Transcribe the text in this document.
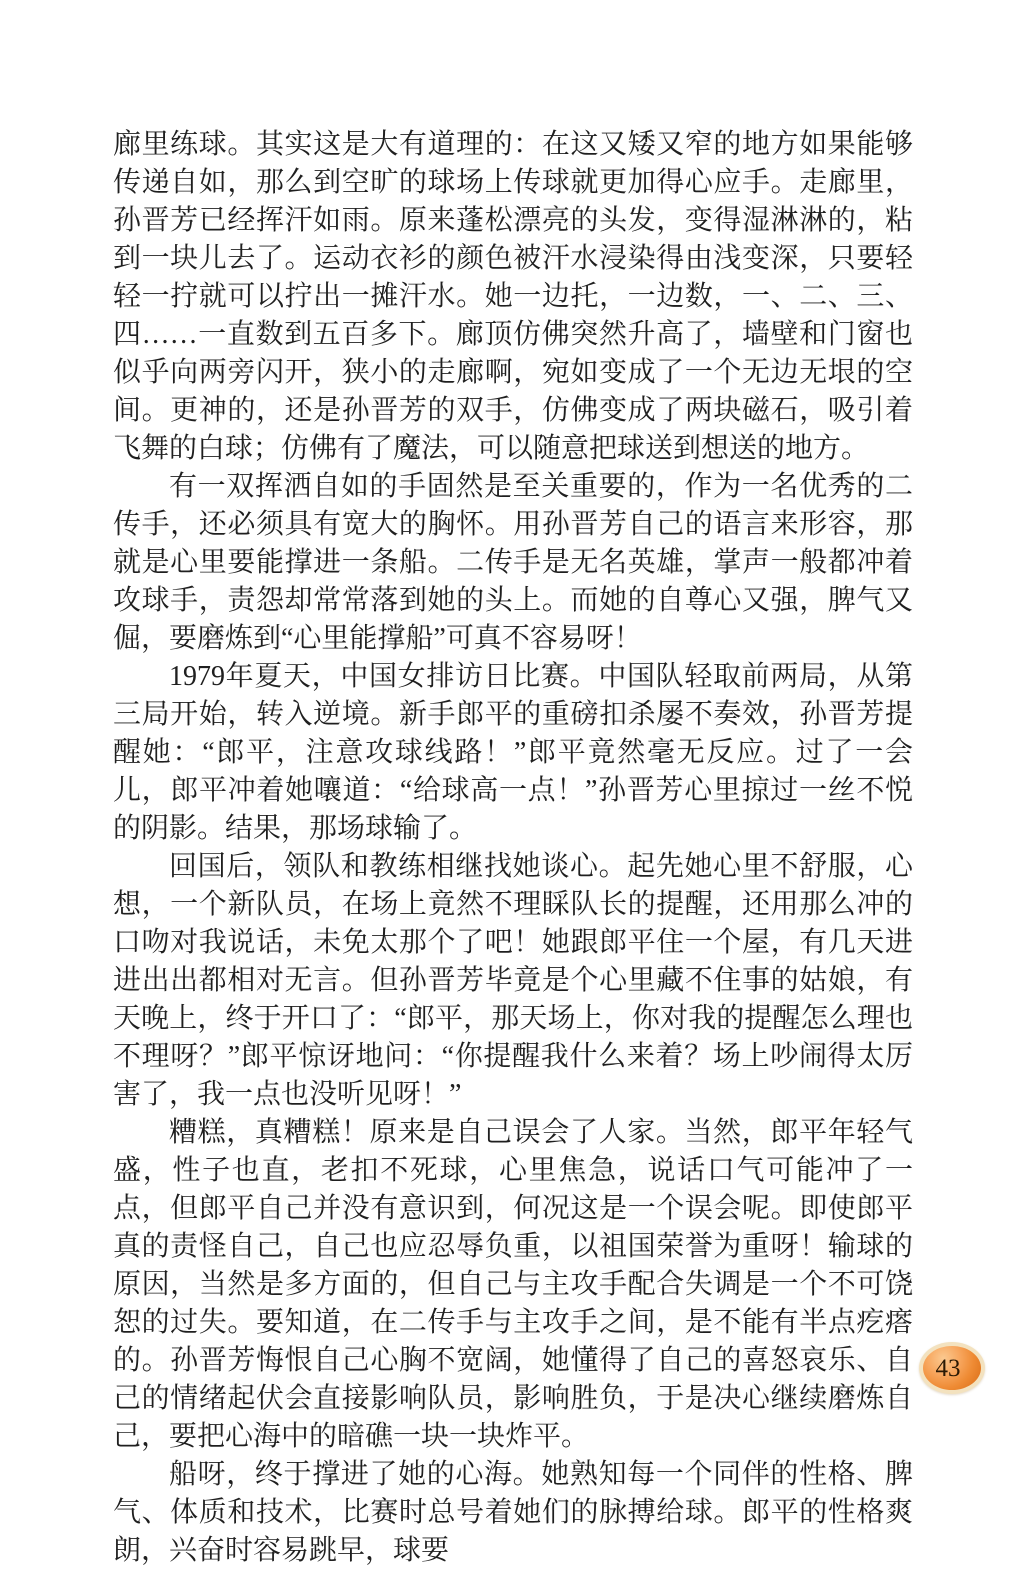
廊里练球。其实这是大有道理的：在这又矮又窄的地方如果能够传递自如，那么到空旷的球场上传球就更加得心应手。走廊里，孙晋芳已经挥汗如雨。原来蓬松漂亮的头发，变得湿淋淋的，粘到一块儿去了。运动衣衫的颜色被汗水浸染得由浅变深，只要轻轻一拧就可以拧出一摊汗水。她一边托，一边数，一、二、三、四……一直数到五百多下。廊顶仿佛突然升高了，墙壁和门窗也似乎向两旁闪开，狭小的走廊啊，宛如变成了一个无边无垠的空间。更神的，还是孙晋芳的双手，仿佛变成了两块磁石，吸引着飞舞的白球；仿佛有了魔法，可以随意把球送到想送的地方。

有一双挥洒自如的手固然是至关重要的，作为一名优秀的二传手，还必须具有宽大的胸怀。用孙晋芳自己的语言来形容，那就是心里要能撑进一条船。二传手是无名英雄，掌声一般都冲着攻球手，责怨却常常落到她的头上。而她的自尊心又强，脾气又倔，要磨炼到“心里能撑船”可真不容易呀！

1979年夏天，中国女排访日比赛。中国队轻取前两局，从第三局开始，转入逆境。新手郎平的重磅扣杀屡不奏效，孙晋芳提醒她：“郎平，注意攻球线路！”郎平竟然毫无反应。过了一会儿，郎平冲着她嚷道：“给球高一点！”孙晋芳心里掠过一丝不悦的阴影。结果，那场球输了。

回国后，领队和教练相继找她谈心。起先她心里不舒服，心想，一个新队员，在场上竟然不理睬队长的提醒，还用那么冲的口吻对我说话，未免太那个了吧！她跟郎平住一个屋，有几天进进出出都相对无言。但孙晋芳毕竟是个心里藏不住事的姑娘，有天晚上，终于开口了：“郎平，那天场上，你对我的提醒怎么理也不理呀？”郎平惊讶地问：“你提醒我什么来着？场上吵闹得太厉害了，我一点也没听见呀！”

糟糕，真糟糕！原来是自己误会了人家。当然，郎平年轻气盛，性子也直，老扣不死球，心里焦急，说话口气可能冲了一点，但郎平自己并没有意识到，何况这是一个误会呢。即使郎平真的责怪自己，自己也应忍辱负重，以祖国荣誉为重呀！输球的原因，当然是多方面的，但自己与主攻手配合失调是一个不可饶恕的过失。要知道，在二传手与主攻手之间，是不能有半点疙瘩的。孙晋芳悔恨自己心胸不宽阔，她懂得了自己的喜怒哀乐、自己的情绪起伏会直接影响队员，影响胜负，于是决心继续磨炼自己，要把心海中的暗礁一块一块炸平。

船呀，终于撑进了她的心海。她熟知每一个同伴的性格、脾气、体质和技术，比赛时总号着她们的脉搏给球。郎平的性格爽朗，兴奋时容易跳早，球要

43
